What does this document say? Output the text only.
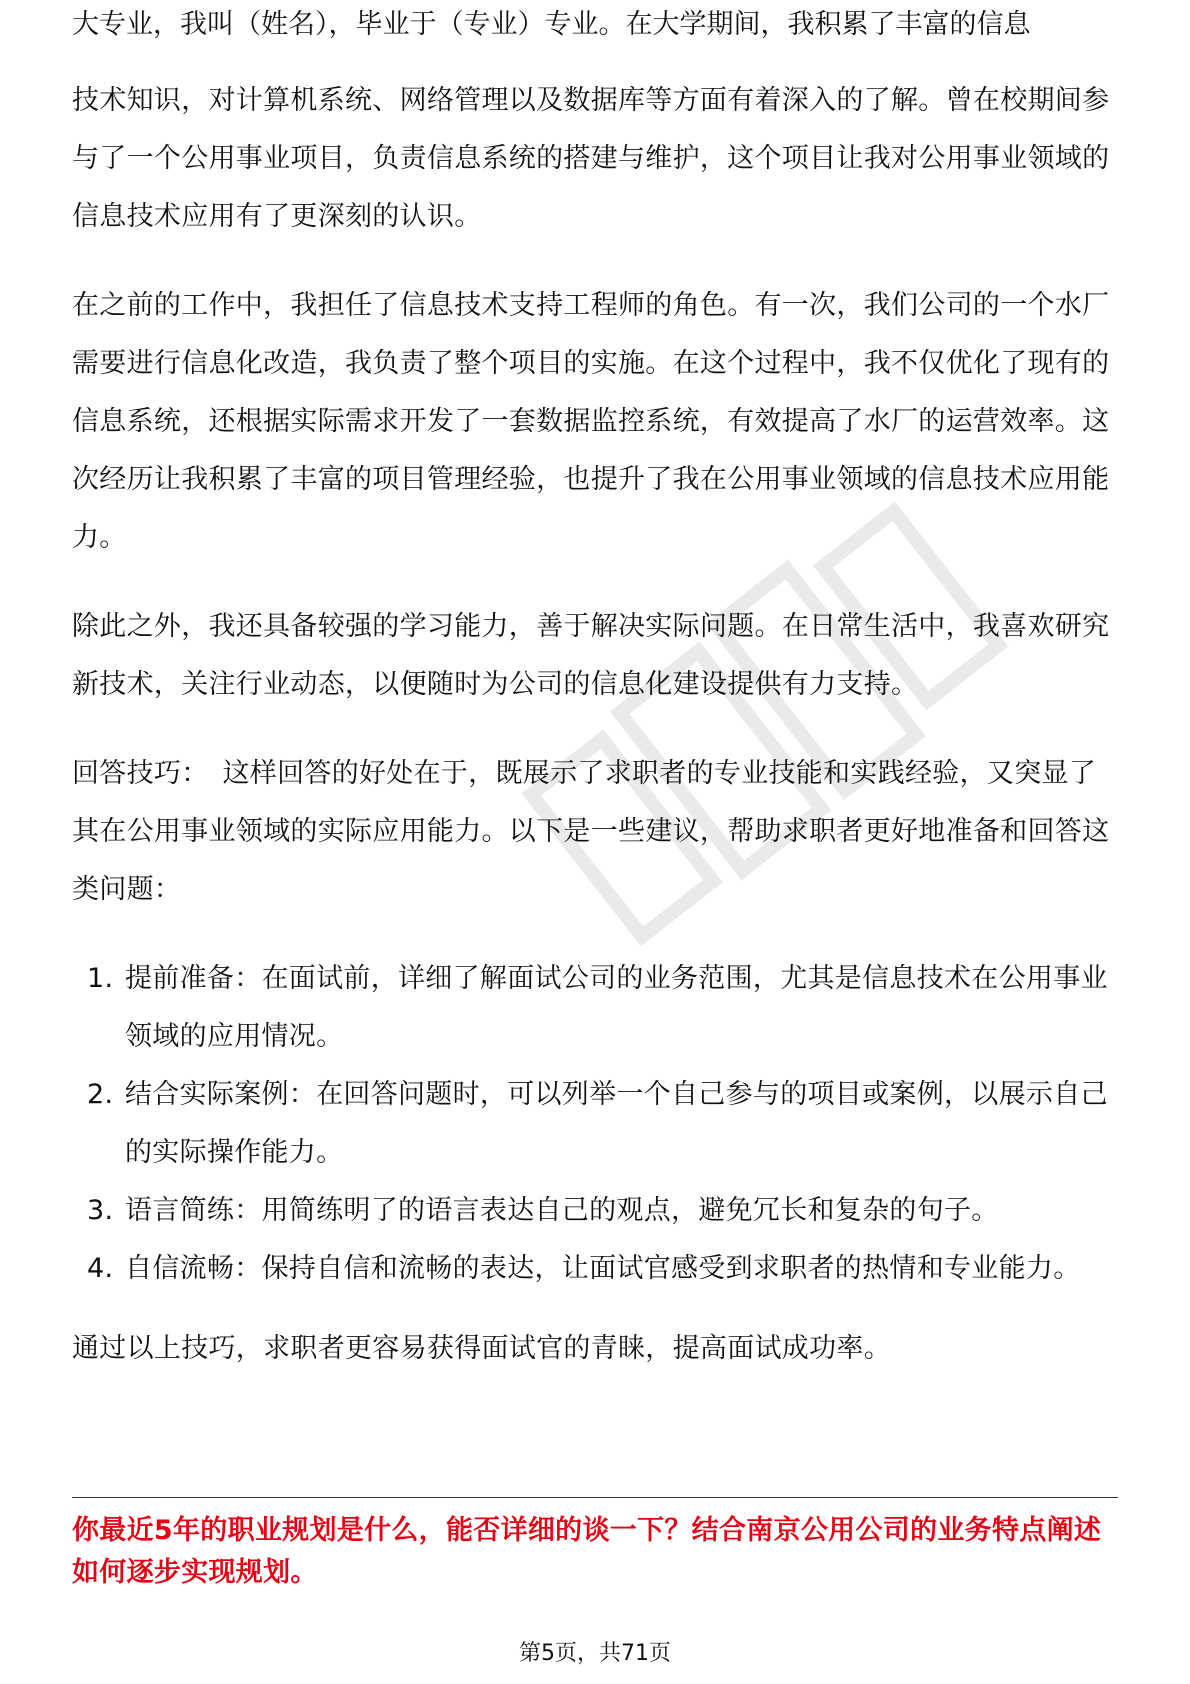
大专业，我叫（姓名），毕业于（专业）专业。在大学期间，我积累了丰富的信息

技术知识，对计算机系统、网络管理以及数据库等方面有着深入的了解。曾在校期间参与了一个公用事业项目，负责信息系统的搭建与维护，这个项目让我对公用事业领域的信息技术应用有了更深刻的认识。

在之前的工作中，我担任了信息技术支持工程师的角色。有一次，我们公司的一个水厂需要进行信息化改造，我负责了整个项目的实施。在这个过程中，我不仅优化了现有的信息系统，还根据实际需求开发了一套数据监控系统，有效提高了水厂的运营效率。这次经历让我积累了丰富的项目管理经验，也提升了我在公用事业领域的信息技术应用能力。

除此之外，我还具备较强的学习能力，善于解决实际问题。在日常生活中，我喜欢研究新技术，关注行业动态，以便随时为公司的信息化建设提供有力支持。

回答技巧： 这样回答的好处在于，既展示了求职者的专业技能和实践经验，又突显了其在公用事业领域的实际应用能力。以下是一些建议，帮助求职者更好地准备和回答这类问题：

1. 提前准备：在面试前，详细了解面试公司的业务范围，尤其是信息技术在公用事业领域的应用情况。
2. 结合实际案例：在回答问题时，可以列举一个自己参与的项目或案例，以展示自己的实际操作能力。
3. 语言简练：用简练明了的语言表达自己的观点，避免冗长和复杂的句子。
4. 自信流畅：保持自信和流畅的表达，让面试官感受到求职者的热情和专业能力。

通过以上技巧，求职者更容易获得面试官的青睐，提高面试成功率。

你最近5年的职业规划是什么，能否详细的谈一下？结合南京公用公司的业务特点阐述如何逐步实现规划。

第5页，共71页
